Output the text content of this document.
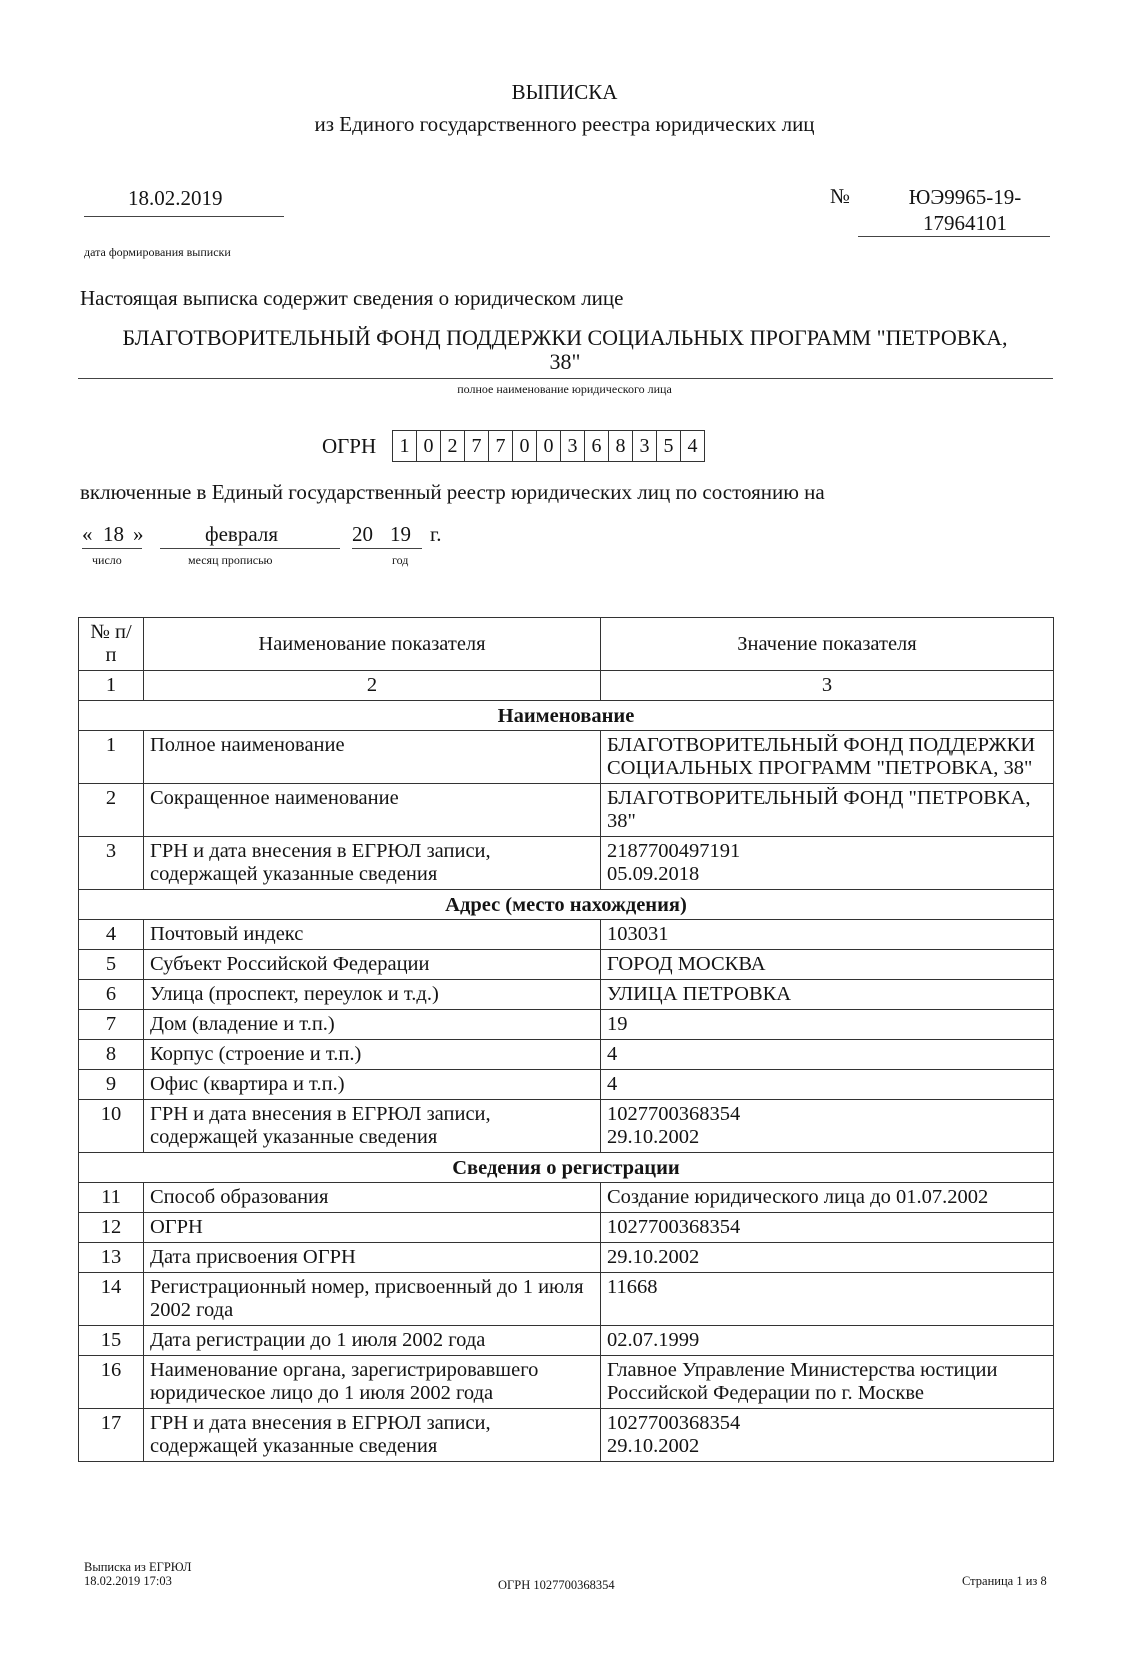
ВЫПИСКА
из Единого государственного реестра юридических лиц
18.02.2019
дата формирования выписки
№	ЮЭ9965-19-
17964101
Настоящая выписка содержит сведения о юридическом лице
БЛАГОТВОРИТЕЛЬНЫЙ ФОНД ПОДДЕРЖКИ СОЦИАЛЬНЫХ ПРОГРАММ "ПЕТРОВКА,
38"
полное наименование юридического лица
ОГРН	1 0 2 7 7 0 0 3 6 8 3 5 4
включенные в Единый государственный реестр юридических лиц по состоянию на
« 18 »	февраля	20 19 г.
число	месяц прописью	год
№ п/п	Наименование показателя	Значение показателя
1	2	3
Наименование		
1	Полное наименование	БЛАГОТВОРИТЕЛЬНЫЙ ФОНД ПОДДЕРЖКИ СОЦИАЛЬНЫХ ПРОГРАММ "ПЕТРОВКА, 38"
2	Сокращенное наименование	БЛАГОТВОРИТЕЛЬНЫЙ ФОНД "ПЕТРОВКА, 38"
3	ГРН и дата внесения в ЕГРЮЛ записи, содержащей указанные сведения	2187700497191
05.09.2018
Адрес (место нахождения)		
4	Почтовый индекс	103031
5	Субъект Российской Федерации	ГОРОД МОСКВА
6	Улица (проспект, переулок и т.д.)	УЛИЦА ПЕТРОВКА
7	Дом (владение и т.п.)	19
8	Корпус (строение и т.п.)	4
9	Офис (квартира и т.п.)	4
10	ГРН и дата внесения в ЕГРЮЛ записи, содержащей указанные сведения	1027700368354
29.10.2002
Сведения о регистрации		
11	Способ образования	Создание юридического лица до 01.07.2002
12	ОГРН	1027700368354
13	Дата присвоения ОГРН	29.10.2002
14	Регистрационный номер, присвоенный до 1 июля 2002 года	11668
15	Дата регистрации до 1 июля 2002 года	02.07.1999
16	Наименование органа, зарегистрировавшего юридическое лицо до 1 июля 2002 года	Главное Управление Министерства юстиции Российской Федерации по г. Москве
17	ГРН и дата внесения в ЕГРЮЛ записи, содержащей указанные сведения	1027700368354
29.10.2002
Выписка из ЕГРЮЛ
18.02.2019 17:03	ОГРН 1027700368354	Страница 1 из 8
